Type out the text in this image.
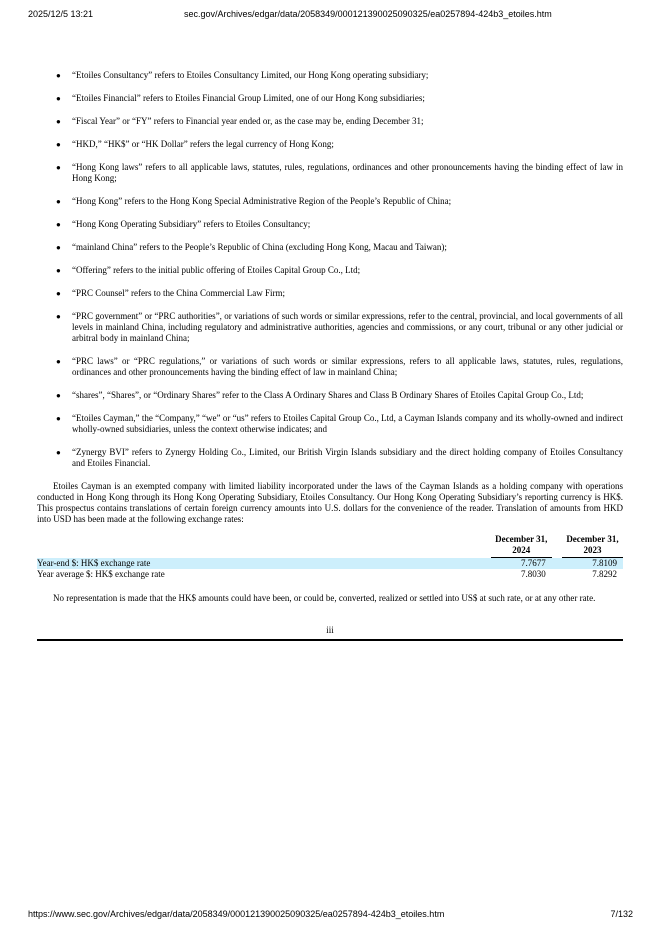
2025/12/5 13:21	sec.gov/Archives/edgar/data/2058349/000121390025090325/ea0257894-424b3_etoiles.htm
● “Etoiles Consultancy” refers to Etoiles Consultancy Limited, our Hong Kong operating subsidiary;
● “Etoiles Financial” refers to Etoiles Financial Group Limited, one of our Hong Kong subsidiaries;
● “Fiscal Year” or “FY” refers to Financial year ended or, as the case may be, ending December 31;
● “HKD,” “HK$” or “HK Dollar” refers the legal currency of Hong Kong;
● “Hong Kong laws” refers to all applicable laws, statutes, rules, regulations, ordinances and other pronouncements having the binding effect of law in Hong Kong;
● “Hong Kong” refers to the Hong Kong Special Administrative Region of the People’s Republic of China;
● “Hong Kong Operating Subsidiary” refers to Etoiles Consultancy;
● “mainland China” refers to the People’s Republic of China (excluding Hong Kong, Macau and Taiwan);
● “Offering” refers to the initial public offering of Etoiles Capital Group Co., Ltd;
● “PRC Counsel” refers to the China Commercial Law Firm;
● “PRC government” or “PRC authorities”, or variations of such words or similar expressions, refer to the central, provincial, and local governments of all levels in mainland China, including regulatory and administrative authorities, agencies and commissions, or any court, tribunal or any other judicial or arbitral body in mainland China;
● “PRC laws” or “PRC regulations,” or variations of such words or similar expressions, refers to all applicable laws, statutes, rules, regulations, ordinances and other pronouncements having the binding effect of law in mainland China;
● “shares”, “Shares”, or “Ordinary Shares” refer to the Class A Ordinary Shares and Class B Ordinary Shares of Etoiles Capital Group Co., Ltd;
● “Etoiles Cayman,” the “Company,” “we” or “us” refers to Etoiles Capital Group Co., Ltd, a Cayman Islands company and its wholly-owned and indirect wholly-owned subsidiaries, unless the context otherwise indicates; and
● “Zynergy BVI” refers to Zynergy Holding Co., Limited, our British Virgin Islands subsidiary and the direct holding company of Etoiles Consultancy and Etoiles Financial.

Etoiles Cayman is an exempted company with limited liability incorporated under the laws of the Cayman Islands as a holding company with operations conducted in Hong Kong through its Hong Kong Operating Subsidiary, Etoiles Consultancy. Our Hong Kong Operating Subsidiary’s reporting currency is HK$. This prospectus contains translations of certain foreign currency amounts into U.S. dollars for the convenience of the reader. Translation of amounts from HKD into USD has been made at the following exchange rates:

	December 31,
2024		December 31,
2023

Year-end $: HK$ exchange rate	7.7677		7.8109
Year average $: HK$ exchange rate	7.8030		7.8292

No representation is made that the HK$ amounts could have been, or could be, converted, realized or settled into US$ at such rate, or at any other rate.

iii
https://www.sec.gov/Archives/edgar/data/2058349/000121390025090325/ea0257894-424b3_etoiles.htm	7/132
